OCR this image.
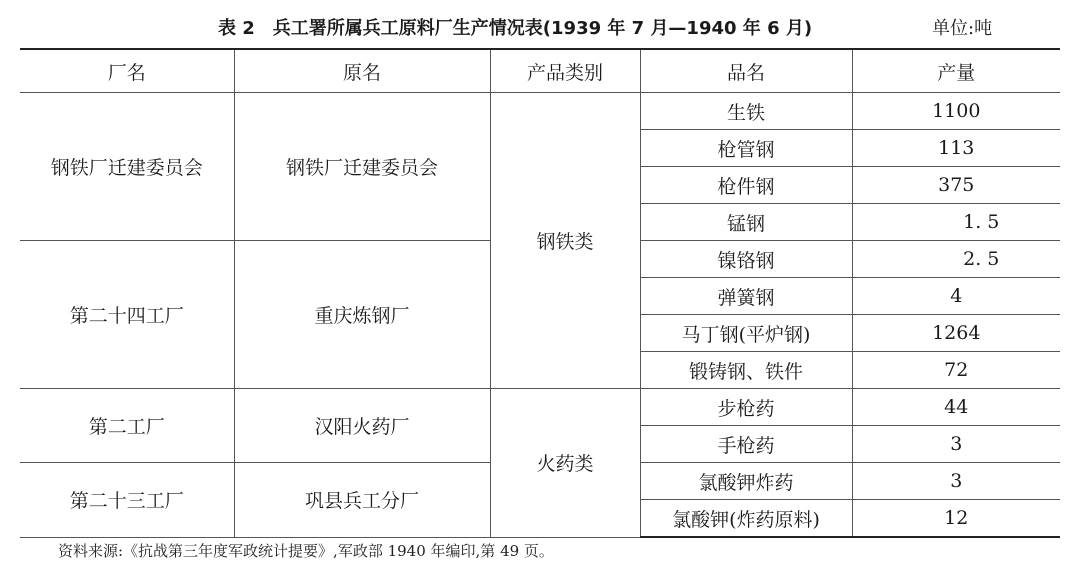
表 2　兵工署所属兵工原料厂生产情况表(1939 年 7 月—1940 年 6 月)	单位:吨
厂名	原名	产品类别	品名	产量
钢铁厂迁建委员会	钢铁厂迁建委员会	钢铁类	生铁	1100
			枪管钢	113
			枪件钢	375
			锰钢	1. 5
第二十四工厂	重庆炼钢厂		镍铬钢	2. 5
			弹簧钢	4
			马丁钢(平炉钢)	1264
			锻铸钢、铁件	72
第二工厂	汉阳火药厂	火药类	步枪药	44
			手枪药	3
第二十三工厂	巩县兵工分厂		氯酸钾炸药	3
			氯酸钾(炸药原料)	12
资料来源:《抗战第三年度军政统计提要》,军政部 1940 年编印,第 49 页。
